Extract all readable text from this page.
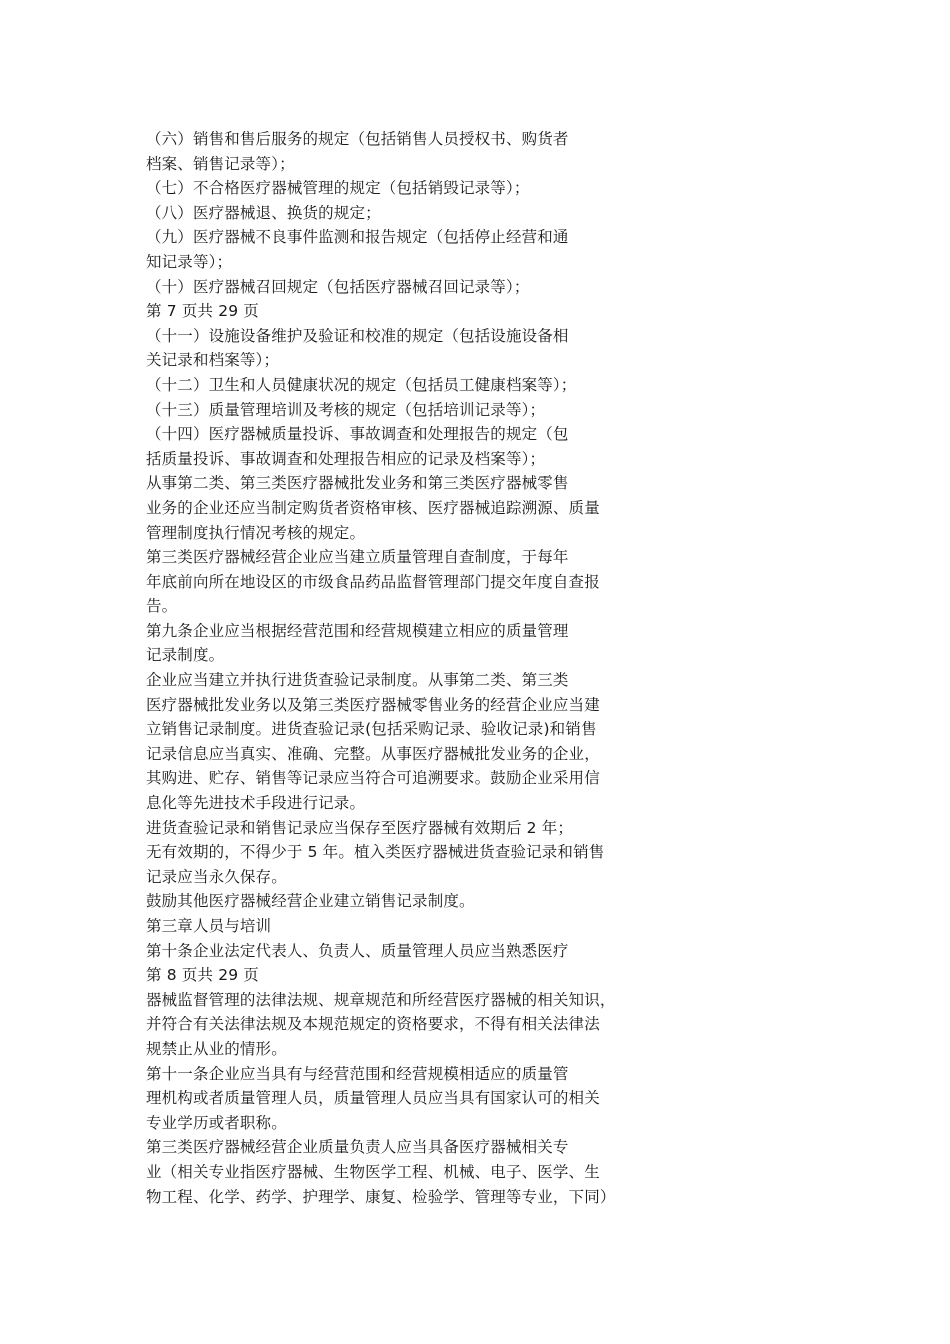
（六）销售和售后服务的规定（包括销售人员授权书、购货者
档案、销售记录等）；
（七）不合格医疗器械管理的规定（包括销毁记录等）；
（八）医疗器械退、换货的规定；
（九）医疗器械不良事件监测和报告规定（包括停止经营和通
知记录等）；
（十）医疗器械召回规定（包括医疗器械召回记录等）；
第 7 页共 29 页
（十一）设施设备维护及验证和校准的规定（包括设施设备相
关记录和档案等）；
（十二）卫生和人员健康状况的规定（包括员工健康档案等）；
（十三）质量管理培训及考核的规定（包括培训记录等）；
（十四）医疗器械质量投诉、事故调查和处理报告的规定（包
括质量投诉、事故调查和处理报告相应的记录及档案等）；
从事第二类、第三类医疗器械批发业务和第三类医疗器械零售
业务的企业还应当制定购货者资格审核、医疗器械追踪溯源、质量
管理制度执行情况考核的规定。
第三类医疗器械经营企业应当建立质量管理自查制度，于每年
年底前向所在地设区的市级食品药品监督管理部门提交年度自查报
告。
第九条企业应当根据经营范围和经营规模建立相应的质量管理
记录制度。
企业应当建立并执行进货查验记录制度。从事第二类、第三类
医疗器械批发业务以及第三类医疗器械零售业务的经营企业应当建
立销售记录制度。进货查验记录(包括采购记录、验收记录)和销售
记录信息应当真实、准确、完整。从事医疗器械批发业务的企业，
其购进、贮存、销售等记录应当符合可追溯要求。鼓励企业采用信
息化等先进技术手段进行记录。
进货查验记录和销售记录应当保存至医疗器械有效期后 2 年；
无有效期的，不得少于 5 年。植入类医疗器械进货查验记录和销售
记录应当永久保存。
鼓励其他医疗器械经营企业建立销售记录制度。
第三章人员与培训
第十条企业法定代表人、负责人、质量管理人员应当熟悉医疗
第 8 页共 29 页
器械监督管理的法律法规、规章规范和所经营医疗器械的相关知识，
并符合有关法律法规及本规范规定的资格要求，不得有相关法律法
规禁止从业的情形。
第十一条企业应当具有与经营范围和经营规模相适应的质量管
理机构或者质量管理人员，质量管理人员应当具有国家认可的相关
专业学历或者职称。
第三类医疗器械经营企业质量负责人应当具备医疗器械相关专
业（相关专业指医疗器械、生物医学工程、机械、电子、医学、生
物工程、化学、药学、护理学、康复、检验学、管理等专业，下同）
